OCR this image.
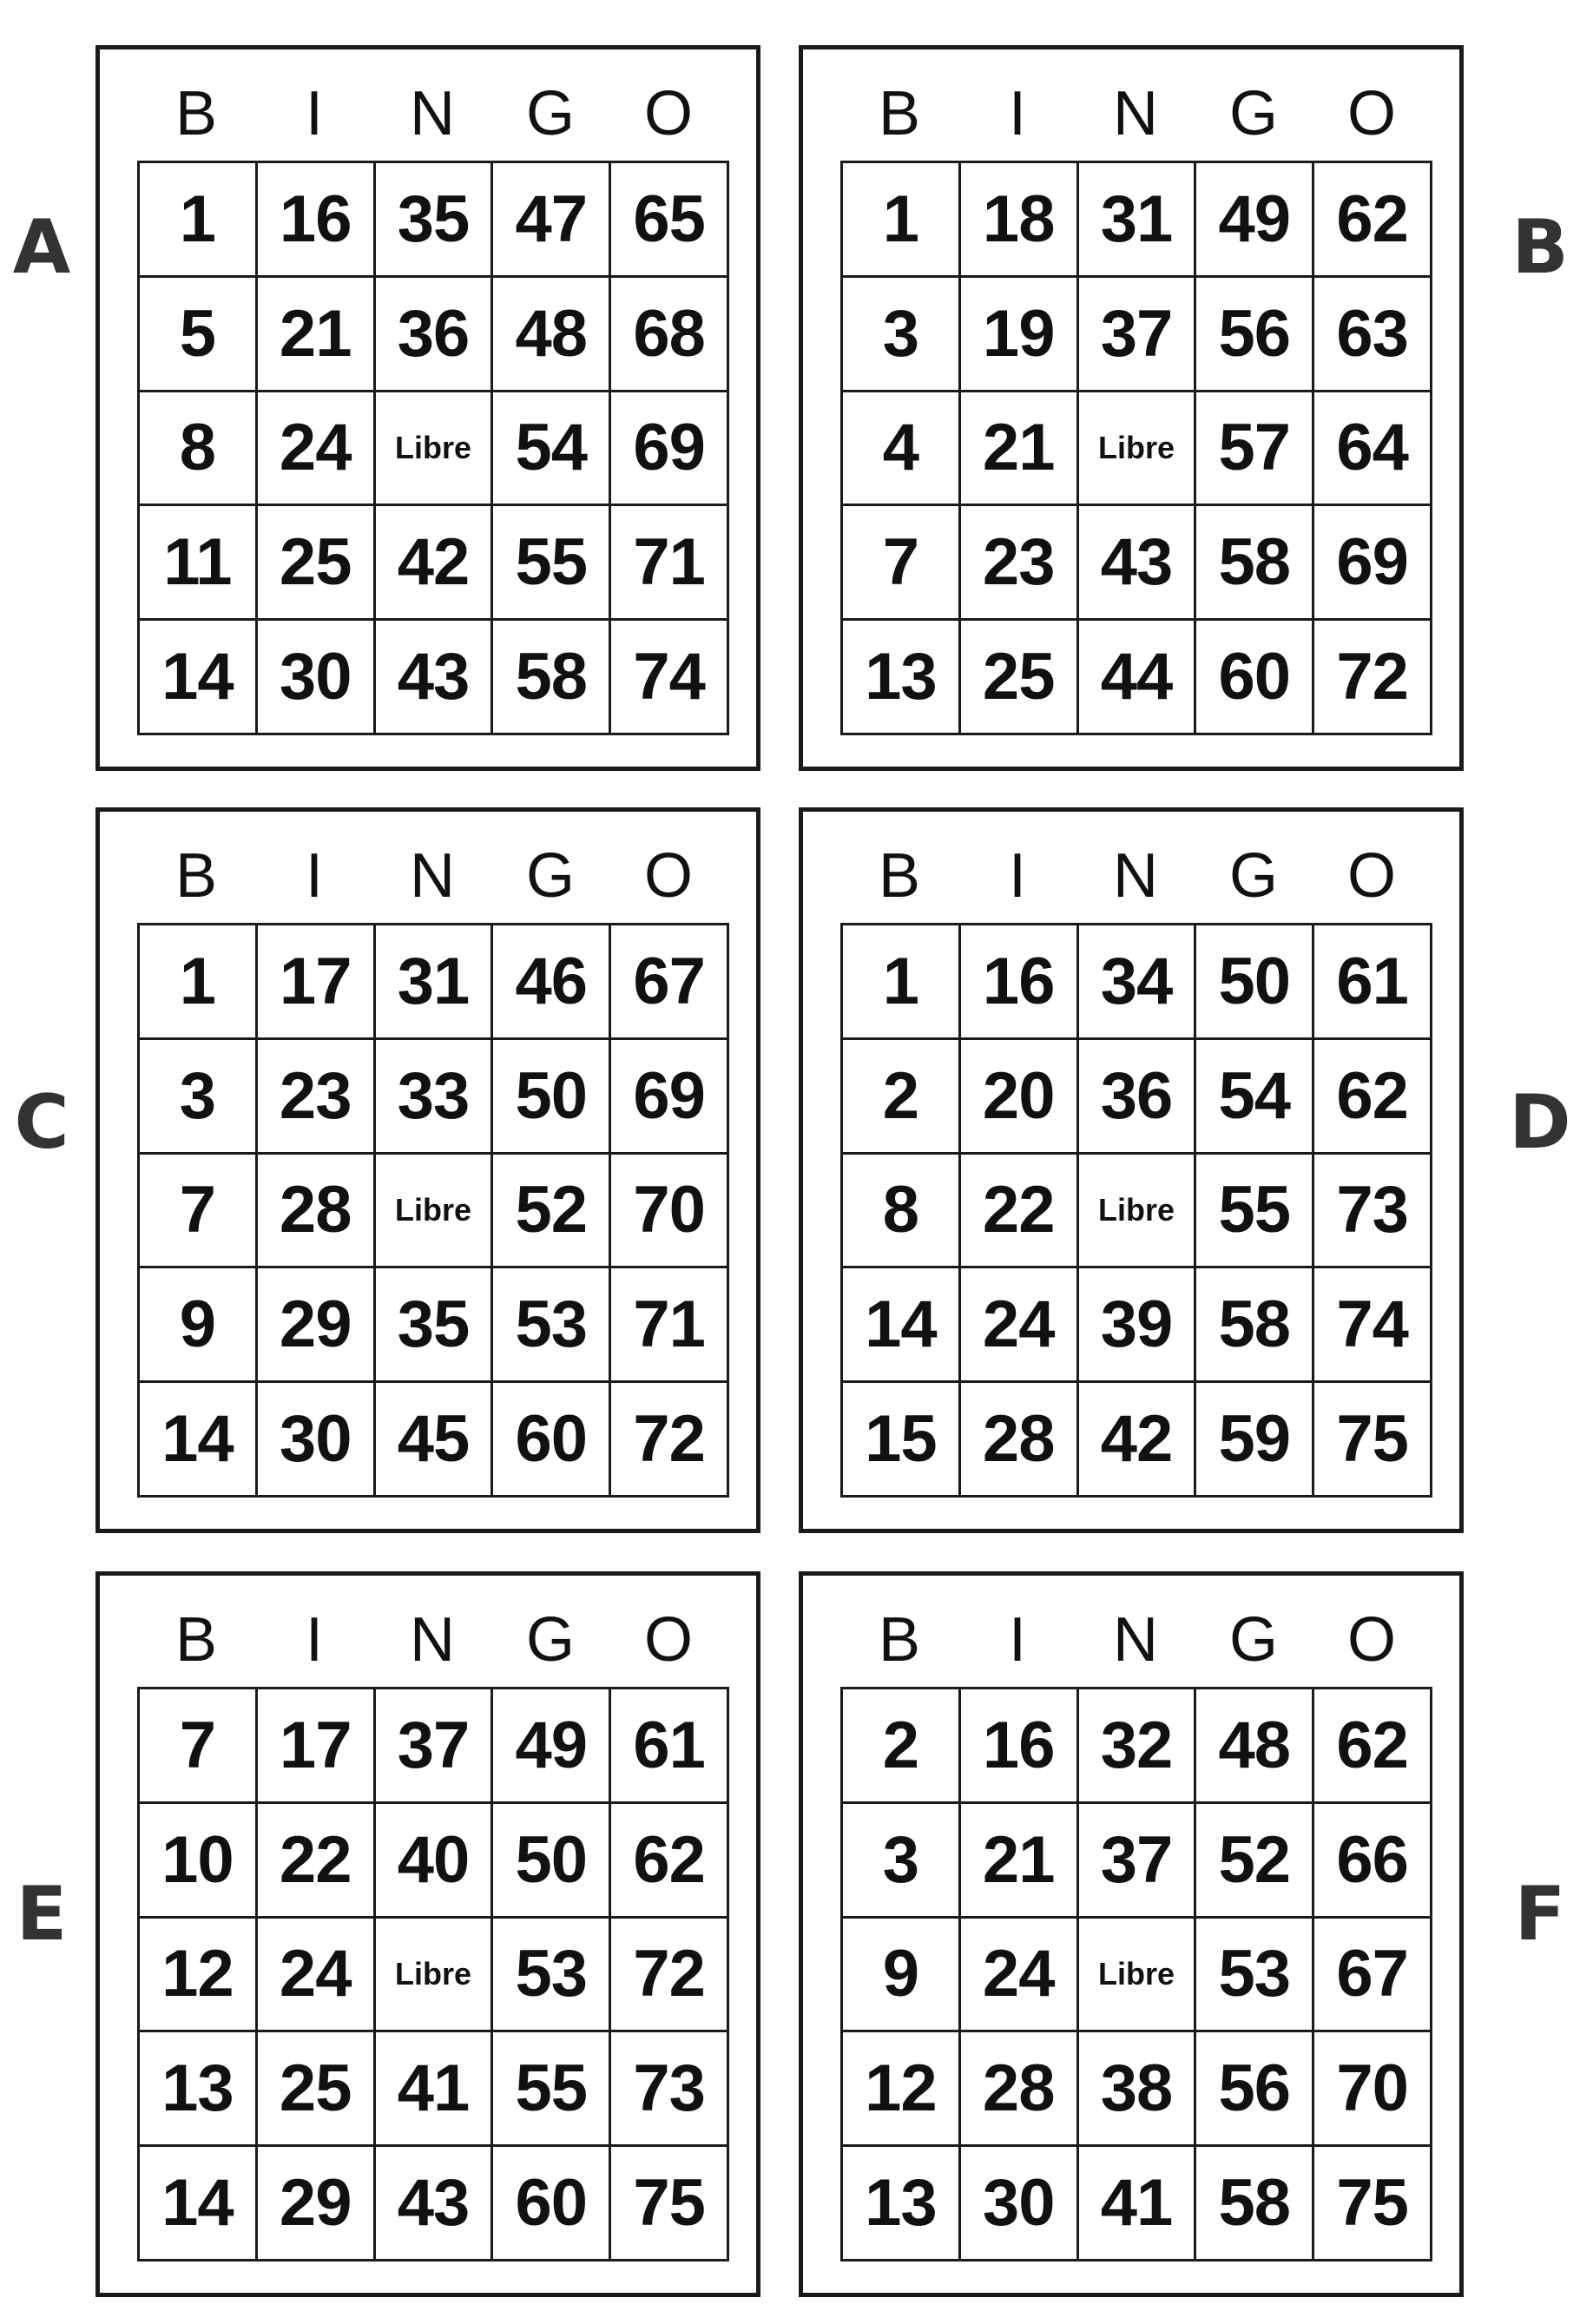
B	I	N	G	O
1	16	35	47	65
5	21	36	48	68
8	24	Libre	54	69
11	25	42	55	71
14	30	43	58	74
A
B	I	N	G	O
1	18	31	49	62
3	19	37	56	63
4	21	Libre	57	64
7	23	43	58	69
13	25	44	60	72
B
B	I	N	G	O
1	17	31	46	67
3	23	33	50	69
7	28	Libre	52	70
9	29	35	53	71
14	30	45	60	72
C
B	I	N	G	O
1	16	34	50	61
2	20	36	54	62
8	22	Libre	55	73
14	24	39	58	74
15	28	42	59	75
D
B	I	N	G	O
7	17	37	49	61
10	22	40	50	62
12	24	Libre	53	72
13	25	41	55	73
14	29	43	60	75
E
B	I	N	G	O
2	16	32	48	62
3	21	37	52	66
9	24	Libre	53	67
12	28	38	56	70
13	30	41	58	75
F
